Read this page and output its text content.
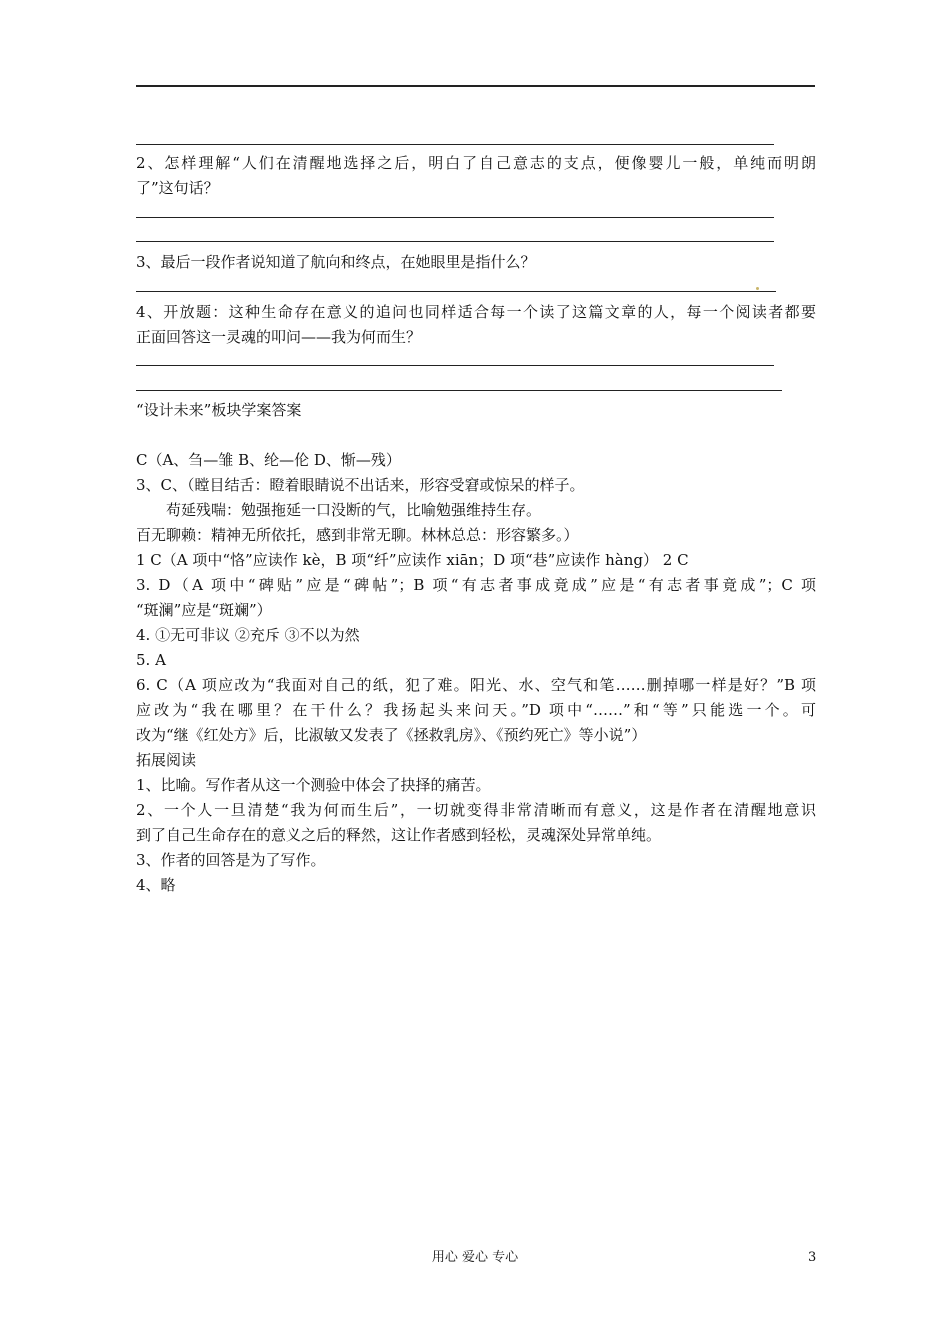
2、怎样理解“人们在清醒地选择之后，明白了自己意志的支点，便像婴儿一般，单纯而明朗
了”这句话？
3、最后一段作者说知道了航向和终点，在她眼里是指什么？
4、开放题：这种生命存在意义的追问也同样适合每一个读了这篇文章的人，每一个阅读者都要
正面回答这一灵魂的叩问——我为何而生？
“设计未来”板块学案答案
C（A、刍—雏 B、纶—伦 D、惭—残）
3、C、（瞠目结舌：瞪着眼睛说不出话来，形容受窘或惊呆的样子。
苟延残喘：勉强拖延一口没断的气，比喻勉强维持生存。
百无聊赖：精神无所依托，感到非常无聊。林林总总：形容繁多。）
1 C（A 项中“恪”应读作 kè，B 项“纤”应读作 xiān；D 项“巷”应读作 hàng） 2 C
3. D（A 项中“碑贴”应是“碑帖”；B 项“有志者事成竟成”应是“有志者事竟成”；C 项
“斑澜”应是“斑斓”）
4. ①无可非议 ②充斥 ③不以为然
5. A
6. C（A 项应改为“我面对自己的纸，犯了难。阳光、水、空气和笔……删掉哪一样是好？”B 项
应改为“我在哪里？在干什么？我扬起头来问天。”D 项中“……”和“等”只能选一个。可
改为“继《红处方》后，比淑敏又发表了《拯救乳房》、《预约死亡》等小说”）
拓展阅读
1、比喻。写作者从这一个测验中体会了抉择的痛苦。
2、一个人一旦清楚“我为何而生后”，一切就变得非常清晰而有意义，这是作者在清醒地意识
到了自己生命存在的意义之后的释然，这让作者感到轻松，灵魂深处异常单纯。
3、作者的回答是为了写作。
4、略
用心 爱心 专心	3
